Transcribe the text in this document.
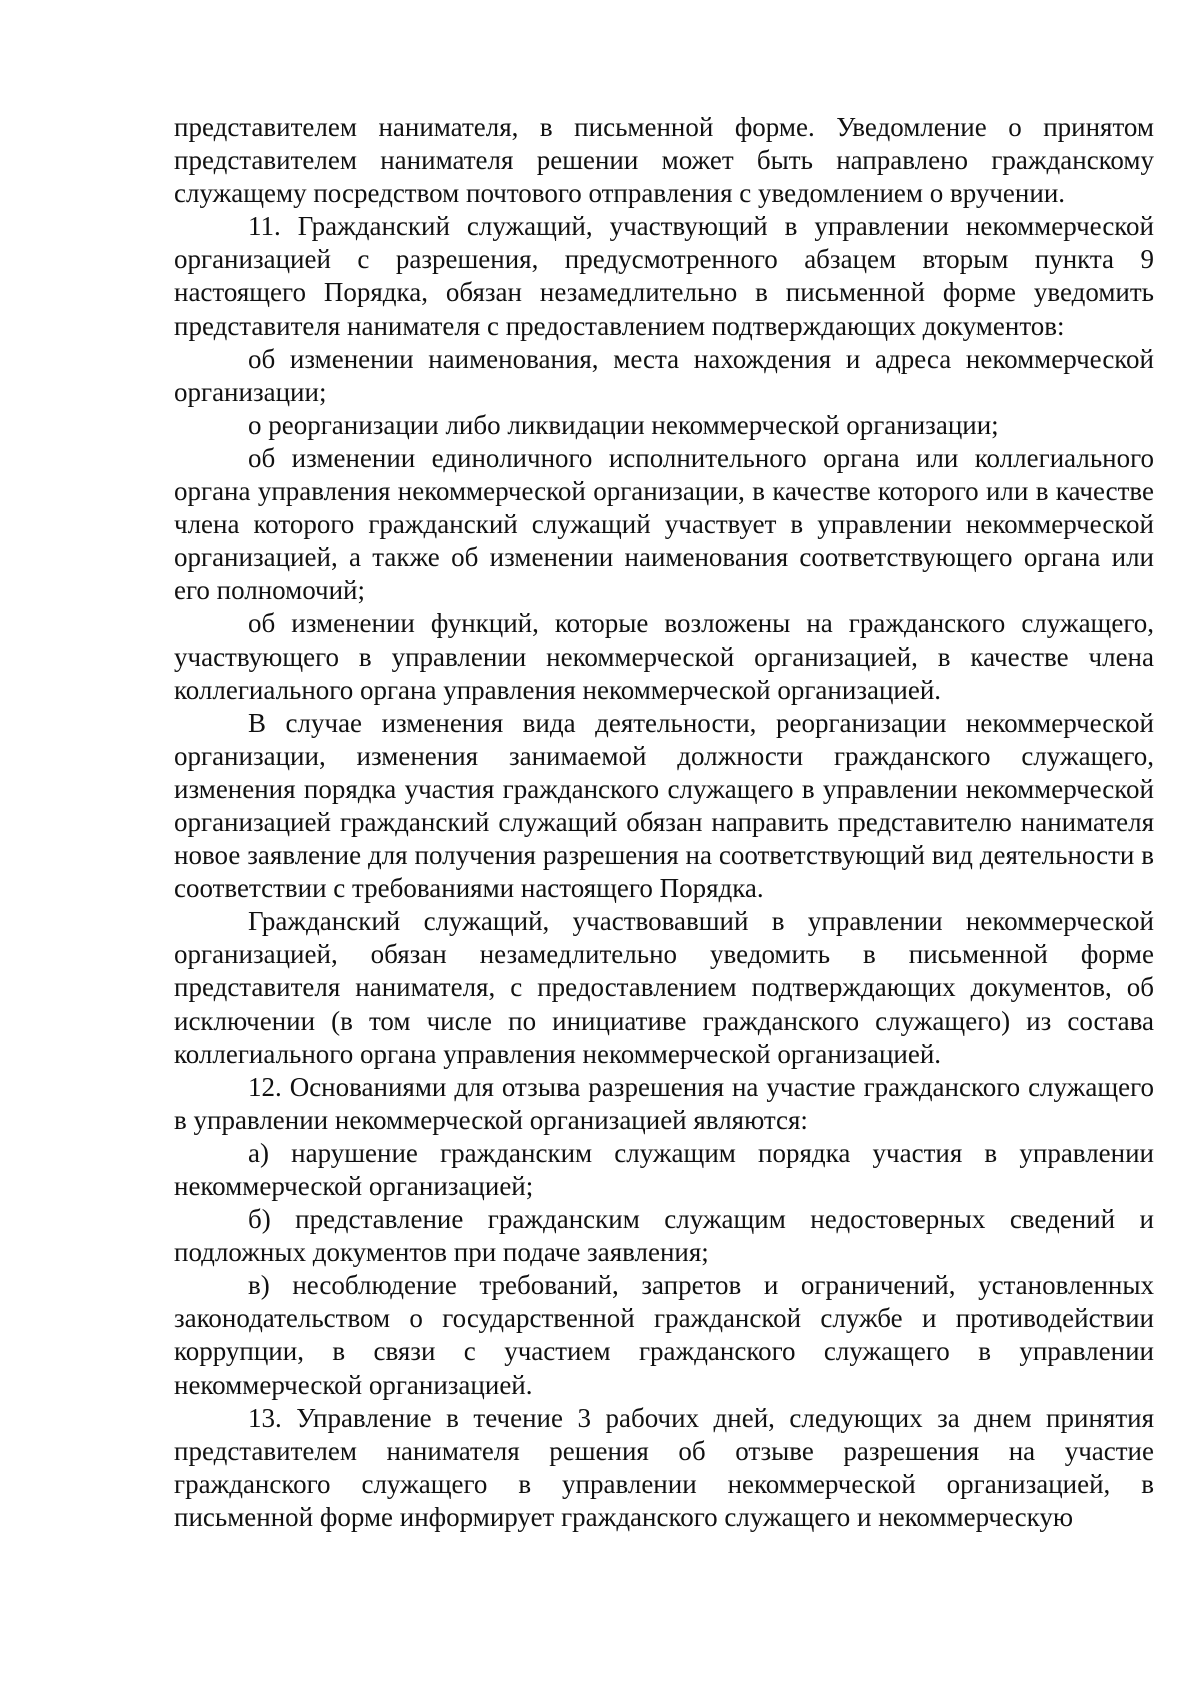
представителем нанимателя, в письменной форме. Уведомление о принятом представителем нанимателя решении может быть направлено гражданскому служащему посредством почтового отправления с уведомлением о вручении.

11. Гражданский служащий, участвующий в управлении некоммерческой организацией с разрешения, предусмотренного абзацем вторым пункта 9 настоящего Порядка, обязан незамедлительно в письменной форме уведомить представителя нанимателя с предоставлением подтверждающих документов:

об изменении наименования, места нахождения и адреса некоммерческой организации;

о реорганизации либо ликвидации некоммерческой организации;

об изменении единоличного исполнительного органа или коллегиального органа управления некоммерческой организации, в качестве которого или в качестве члена которого гражданский служащий участвует в управлении некоммерческой организацией, а также об изменении наименования соответствующего органа или его полномочий;

об изменении функций, которые возложены на гражданского служащего, участвующего в управлении некоммерческой организацией, в качестве члена коллегиального органа управления некоммерческой организацией.

В случае изменения вида деятельности, реорганизации некоммерческой организации, изменения занимаемой должности гражданского служащего, изменения порядка участия гражданского служащего в управлении некоммерческой организацией гражданский служащий обязан направить представителю нанимателя новое заявление для получения разрешения на соответствующий вид деятельности в соответствии с требованиями настоящего Порядка.

Гражданский служащий, участвовавший в управлении некоммерческой организацией, обязан незамедлительно уведомить в письменной форме представителя нанимателя, с предоставлением подтверждающих документов, об исключении (в том числе по инициативе гражданского служащего) из состава коллегиального органа управления некоммерческой организацией.

12. Основаниями для отзыва разрешения на участие гражданского служащего в управлении некоммерческой организацией являются:

а) нарушение гражданским служащим порядка участия в управлении некоммерческой организацией;

б) представление гражданским служащим недостоверных сведений и подложных документов при подаче заявления;

в) несоблюдение требований, запретов и ограничений, установленных законодательством о государственной гражданской службе и противодействии коррупции, в связи с участием гражданского служащего в управлении некоммерческой организацией.

13. Управление в течение 3 рабочих дней, следующих за днем принятия представителем нанимателя решения об отзыве разрешения на участие гражданского служащего в управлении некоммерческой организацией, в письменной форме информирует гражданского служащего и некоммерческую
